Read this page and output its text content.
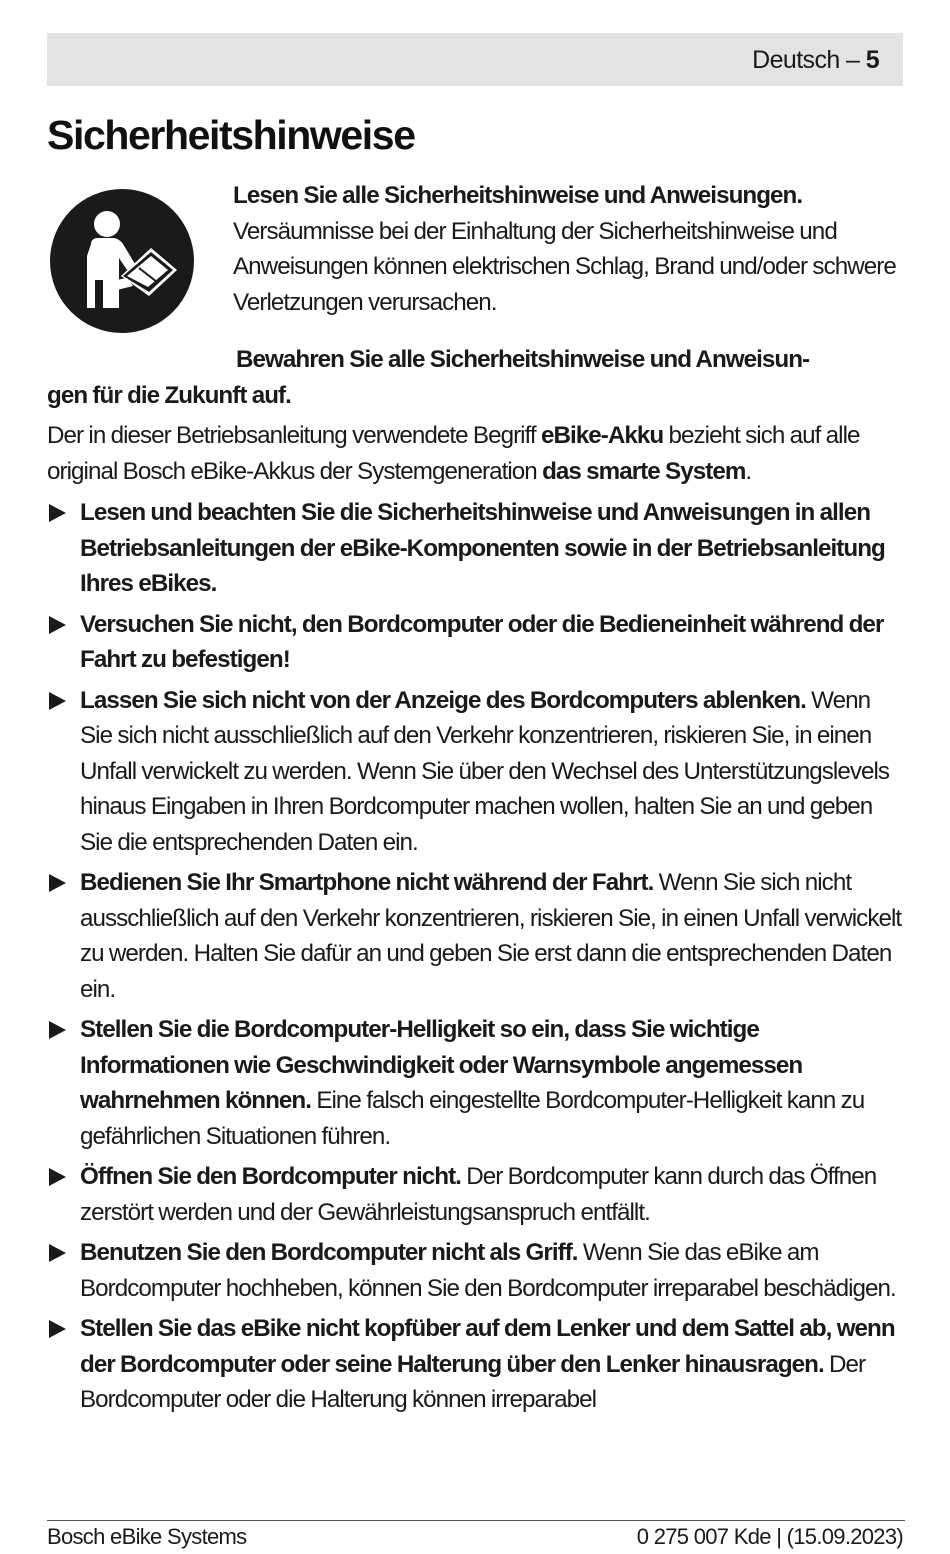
Deutsch – 5
Sicherheitshinweise

Lesen Sie alle Sicherheitshinweise und Anweisungen. Versäumnisse bei der Einhaltung der Sicherheitshinweise und Anweisungen können elektrischen Schlag, Brand und/oder schwere Verletzungen verursachen.

Bewahren Sie alle Sicherheitshinweise und Anweisun-
gen für die Zukunft auf.

Der in dieser Betriebsanleitung verwendete Begriff eBike-Akku bezieht sich auf alle original Bosch eBike-Akkus der Systemgeneration das smarte System.

Lesen und beachten Sie die Sicherheitshinweise und Anweisungen in allen Betriebsanleitungen der eBike-Komponenten sowie in der Betriebsanleitung Ihres eBikes.
Versuchen Sie nicht, den Bordcomputer oder die Bedieneinheit während der Fahrt zu befestigen!
Lassen Sie sich nicht von der Anzeige des Bordcomputers ablenken. Wenn Sie sich nicht ausschließlich auf den Verkehr konzentrieren, riskieren Sie, in einen Unfall verwickelt zu werden. Wenn Sie über den Wechsel des Unterstützungslevels hinaus Eingaben in Ihren Bordcomputer machen wollen, halten Sie an und geben Sie die entsprechenden Daten ein.
Bedienen Sie Ihr Smartphone nicht während der Fahrt. Wenn Sie sich nicht ausschließlich auf den Verkehr konzentrieren, riskieren Sie, in einen Unfall verwickelt zu werden. Halten Sie dafür an und geben Sie erst dann die entsprechenden Daten ein.
Stellen Sie die Bordcomputer-Helligkeit so ein, dass Sie wichtige Informationen wie Geschwindigkeit oder Warnsymbole angemessen wahrnehmen können. Eine falsch eingestellte Bordcomputer-Helligkeit kann zu gefährlichen Situationen führen.
Öffnen Sie den Bordcomputer nicht. Der Bordcomputer kann durch das Öffnen zerstört werden und der Gewährleistungsanspruch entfällt.
Benutzen Sie den Bordcomputer nicht als Griff. Wenn Sie das eBike am Bordcomputer hochheben, können Sie den Bordcomputer irreparabel beschädigen.
Stellen Sie das eBike nicht kopfüber auf dem Lenker und dem Sattel ab, wenn der Bordcomputer oder seine Halterung über den Lenker hinausragen. Der Bordcomputer oder die Halterung können irreparabel
Bosch eBike Systems	0 275 007 Kde | (15.09.2023)
